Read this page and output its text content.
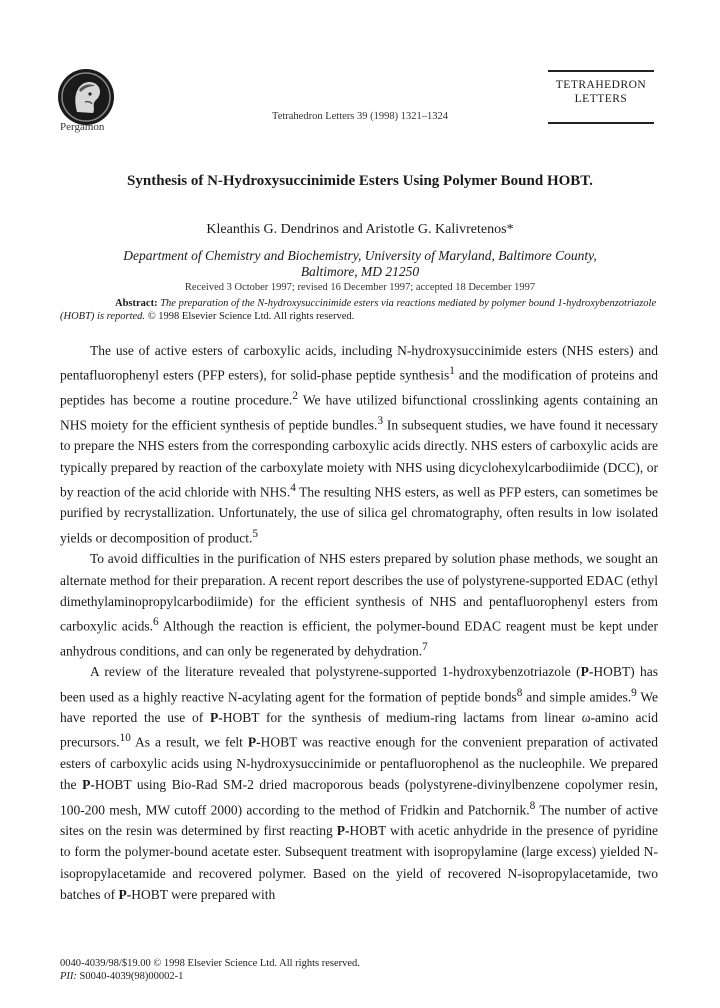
Pergamon
Tetrahedron Letters 39 (1998) 1321–1324
TETRAHEDRON
LETTERS
Synthesis of N-Hydroxysuccinimide Esters Using Polymer Bound HOBT.
Kleanthis G. Dendrinos and Aristotle G. Kalivretenos*
Department of Chemistry and Biochemistry, University of Maryland, Baltimore County, Baltimore, MD 21250
Received 3 October 1997; revised 16 December 1997; accepted 18 December 1997
Abstract: The preparation of the N-hydroxysuccinimide esters via reactions mediated by polymer bound 1-hydroxybenzotriazole (HOBT) is reported. © 1998 Elsevier Science Ltd. All rights reserved.

The use of active esters of carboxylic acids, including N-hydroxysuccinimide esters (NHS esters) and pentafluorophenyl esters (PFP esters), for solid-phase peptide synthesis$^1$ and the modification of proteins and peptides has become a routine procedure.$^2$ We have utilized bifunctional crosslinking agents containing an NHS moiety for the efficient synthesis of peptide bundles.$^3$ In subsequent studies, we have found it necessary to prepare the NHS esters from the corresponding carboxylic acids directly. NHS esters of carboxylic acids are typically prepared by reaction of the carboxylate moiety with NHS using dicyclohexylcarbodiimide (DCC), or by reaction of the acid chloride with NHS.$^4$ The resulting NHS esters, as well as PFP esters, can sometimes be purified by recrystallization. Unfortunately, the use of silica gel chromatography, often results in low isolated yields or decomposition of product.$^5$

To avoid difficulties in the purification of NHS esters prepared by solution phase methods, we sought an alternate method for their preparation. A recent report describes the use of polystyrene-supported EDAC (ethyl dimethylaminopropylcarbodiimide) for the efficient synthesis of NHS and pentafluorophenyl esters from carboxylic acids.$^6$ Although the reaction is efficient, the polymer-bound EDAC reagent must be kept under anhydrous conditions, and can only be regenerated by dehydration.$^7$

A review of the literature revealed that polystyrene-supported 1-hydroxybenzotriazole (P-HOBT) has been used as a highly reactive N-acylating agent for the formation of peptide bonds$^8$ and simple amides.$^9$ We have reported the use of P-HOBT for the synthesis of medium-ring lactams from linear ω-amino acid precursors.$^{10}$ As a result, we felt P-HOBT was reactive enough for the convenient preparation of activated esters of carboxylic acids using N-hydroxysuccinimide or pentafluorophenol as the nucleophile. We prepared the P-HOBT using Bio-Rad SM-2 dried macroporous beads (polystyrene-divinylbenzene copolymer resin, 100-200 mesh, MW cutoff 2000) according to the method of Fridkin and Patchornik.$^8$ The number of active sites on the resin was determined by first reacting P-HOBT with acetic anhydride in the presence of pyridine to form the polymer-bound acetate ester. Subsequent treatment with isopropylamine (large excess) yielded N-isopropylacetamide and recovered polymer. Based on the yield of recovered N-isopropylacetamide, two batches of P-HOBT were prepared with

0040-4039/98/$19.00 © 1998 Elsevier Science Ltd. All rights reserved.
PII: S0040-4039(98)00002-1
